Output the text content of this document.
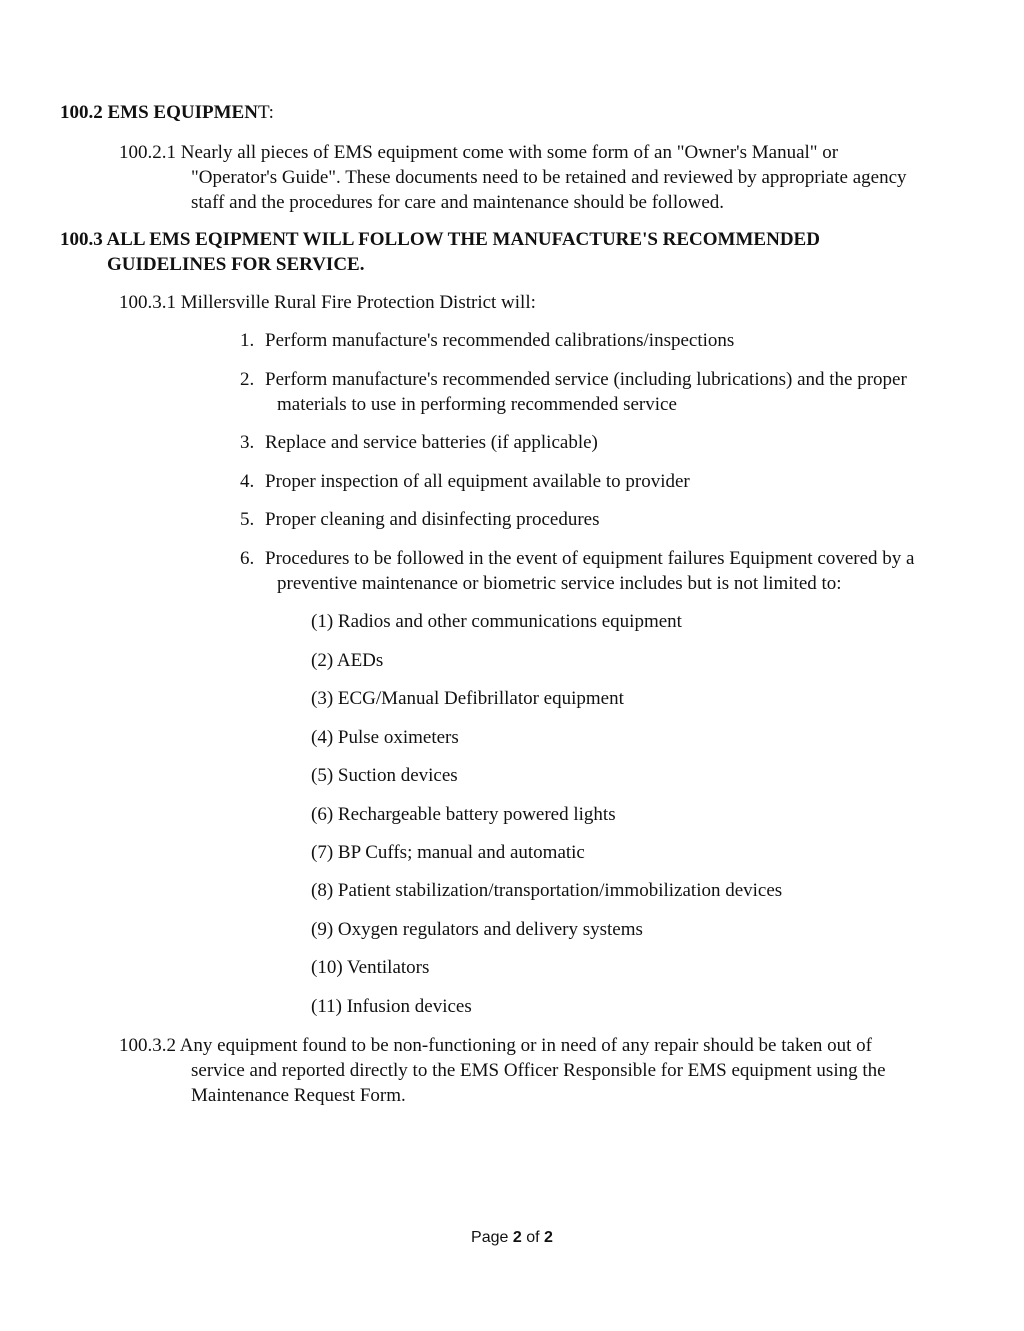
100.2 EMS EQUIPMENT:
100.2.1 Nearly all pieces of EMS equipment come with some form of an "Owner's Manual" or
"Operator's Guide". These documents need to be retained and reviewed by appropriate agency
staff and the procedures for care and maintenance should be followed.
100.3 ALL EMS EQIPMENT WILL FOLLOW THE MANUFACTURE'S RECOMMENDED
GUIDELINES FOR SERVICE.
100.3.1 Millersville Rural Fire Protection District will:
1. Perform manufacture's recommended calibrations/inspections
2. Perform manufacture's recommended service (including lubrications) and the proper
materials to use in performing recommended service
3. Replace and service batteries (if applicable)
4. Proper inspection of all equipment available to provider
5. Proper cleaning and disinfecting procedures
6. Procedures to be followed in the event of equipment failures Equipment covered by a
preventive maintenance or biometric service includes but is not limited to:
(1) Radios and other communications equipment
(2) AEDs
(3) ECG/Manual Defibrillator equipment
(4) Pulse oximeters
(5) Suction devices
(6) Rechargeable battery powered lights
(7) BP Cuffs; manual and automatic
(8) Patient stabilization/transportation/immobilization devices
(9) Oxygen regulators and delivery systems
(10) Ventilators
(11) Infusion devices
100.3.2 Any equipment found to be non-functioning or in need of any repair should be taken out of
service and reported directly to the EMS Officer Responsible for EMS equipment using the
Maintenance Request Form.
Page 2 of 2
